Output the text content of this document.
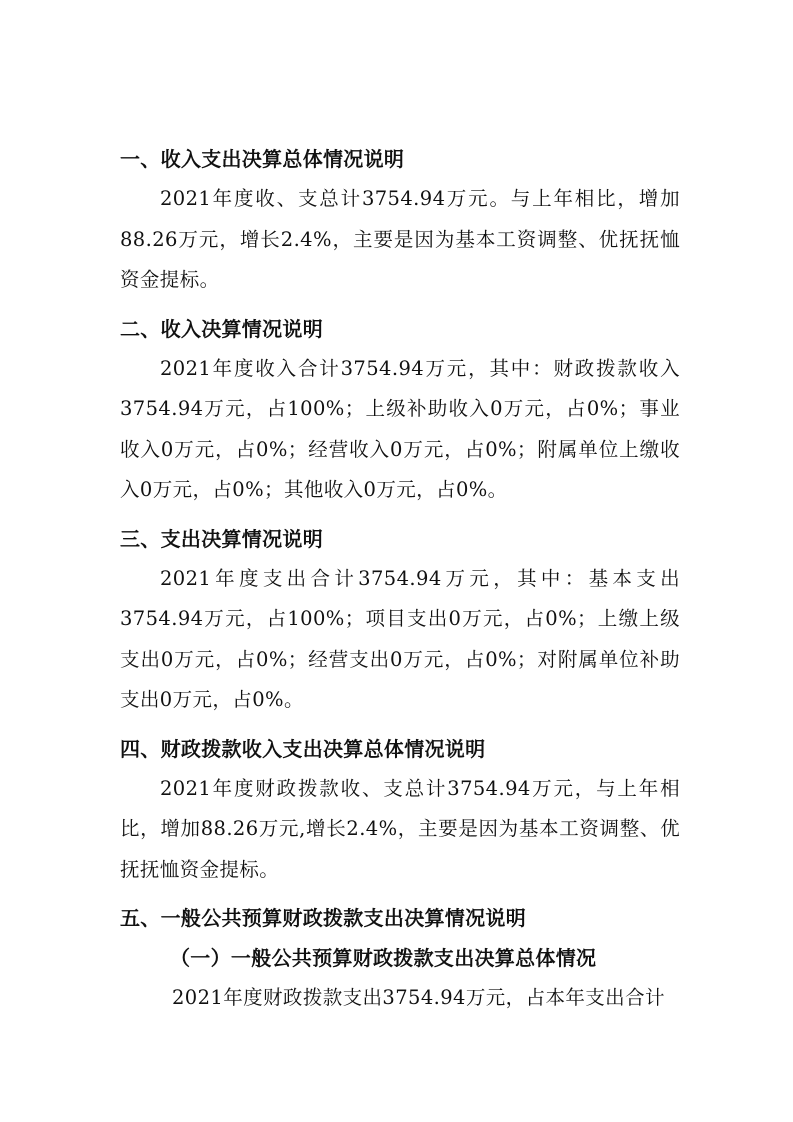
一、收入支出决算总体情况说明

2021年度收、支总计3754.94万元。与上年相比，增加88.26万元，增长2.4%，主要是因为基本工资调整、优抚抚恤资金提标。

二、收入决算情况说明

2021年度收入合计3754.94万元，其中：财政拨款收入3754.94万元，占100%；上级补助收入0万元，占0%；事业收入0万元，占0%；经营收入0万元，占0%；附属单位上缴收入0万元，占0%；其他收入0万元，占0%。

三、支出决算情况说明

2021年度支出合计3754.94万元，其中：基本支出3754.94万元，占100%；项目支出0万元，占0%；上缴上级支出0万元，占0%；经营支出0万元，占0%；对附属单位补助支出0万元，占0%。

四、财政拨款收入支出决算总体情况说明

2021年度财政拨款收、支总计3754.94万元，与上年相比，增加88.26万元,增长2.4%，主要是因为基本工资调整、优抚抚恤资金提标。

五、一般公共预算财政拨款支出决算情况说明
（一）一般公共预算财政拨款支出决算总体情况

2021年度财政拨款支出3754.94万元，占本年支出合计
